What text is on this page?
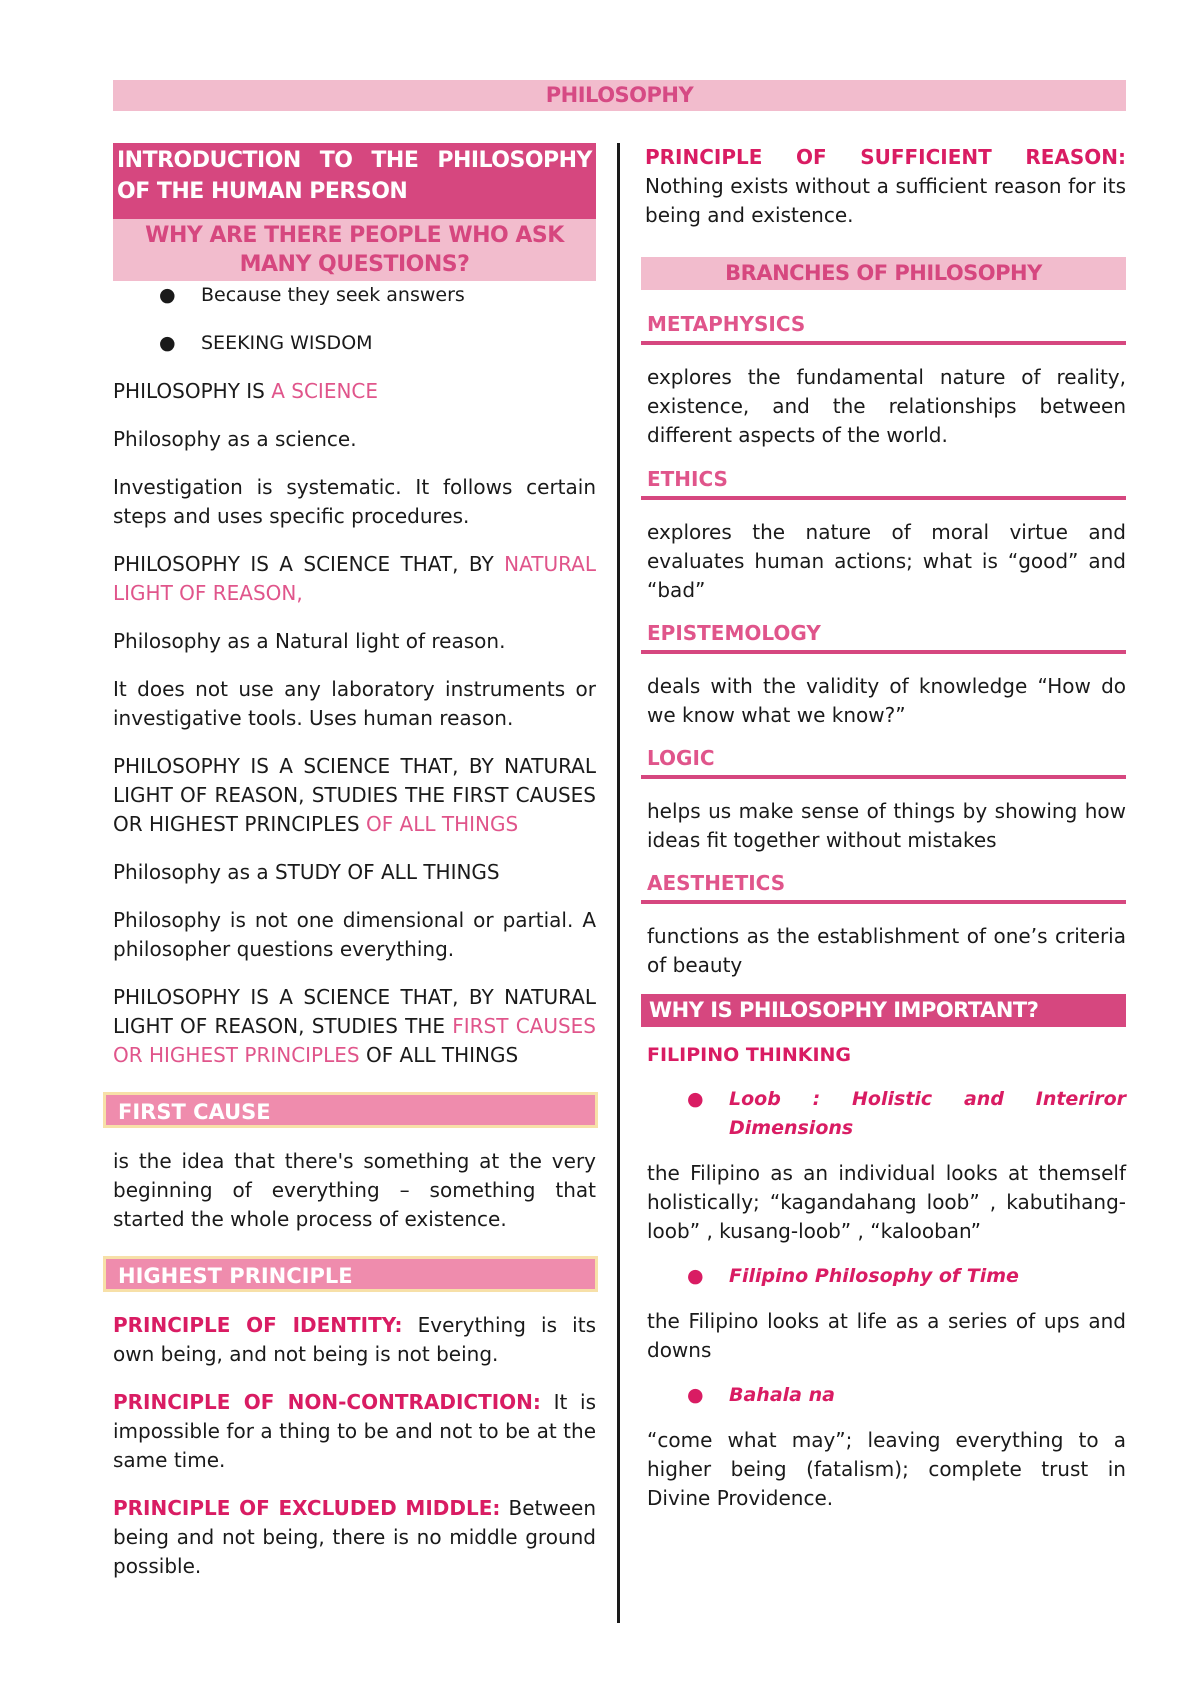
PHILOSOPHY
INTRODUCTION TO THE PHILOSOPHY OF THE HUMAN PERSON
WHY ARE THERE PEOPLE WHO ASK MANY QUESTIONS?
● Because they seek answers
● SEEKING WISDOM

PHILOSOPHY IS A SCIENCE

Philosophy as a science.

Investigation is systematic. It follows certain steps and uses specific procedures.

PHILOSOPHY IS A SCIENCE THAT, BY NATURAL LIGHT OF REASON,

Philosophy as a Natural light of reason.

It does not use any laboratory instruments or investigative tools. Uses human reason.

PHILOSOPHY IS A SCIENCE THAT, BY NATURAL LIGHT OF REASON, STUDIES THE FIRST CAUSES OR HIGHEST PRINCIPLES OF ALL THINGS

Philosophy as a STUDY OF ALL THINGS

Philosophy is not one dimensional or partial. A philosopher questions everything.

PHILOSOPHY IS A SCIENCE THAT, BY NATURAL LIGHT OF REASON, STUDIES THE FIRST CAUSES OR HIGHEST PRINCIPLES OF ALL THINGS

FIRST CAUSE

is the idea that there's something at the very beginning of everything – something that started the whole process of existence.

HIGHEST PRINCIPLE

PRINCIPLE OF IDENTITY: Everything is its own being, and not being is not being.

PRINCIPLE OF NON-CONTRADICTION: It is impossible for a thing to be and not to be at the same time.

PRINCIPLE OF EXCLUDED MIDDLE: Between being and not being, there is no middle ground possible.

PRINCIPLE OF SUFFICIENT REASON: Nothing exists without a sufficient reason for its being and existence.

BRANCHES OF PHILOSOPHY
METAPHYSICS

explores the fundamental nature of reality, existence, and the relationships between different aspects of the world.

ETHICS

explores the nature of moral virtue and evaluates human actions; what is “good” and “bad”

EPISTEMOLOGY

deals with the validity of knowledge “How do we know what we know?”

LOGIC

helps us make sense of things by showing how ideas fit together without mistakes

AESTHETICS

functions as the establishment of one’s criteria of beauty

WHY IS PHILOSOPHY IMPORTANT?
FILIPINO THINKING
● Loob : Holistic and Interiror Dimensions

the Filipino as an individual looks at themself holistically; “kagandahang loob” , kabutihang-loob” , kusang-loob” , “kalooban”

● Filipino Philosophy of Time

the Filipino looks at life as a series of ups and downs

● Bahala na

“come what may”; leaving everything to a higher being (fatalism); complete trust in Divine Providence.
